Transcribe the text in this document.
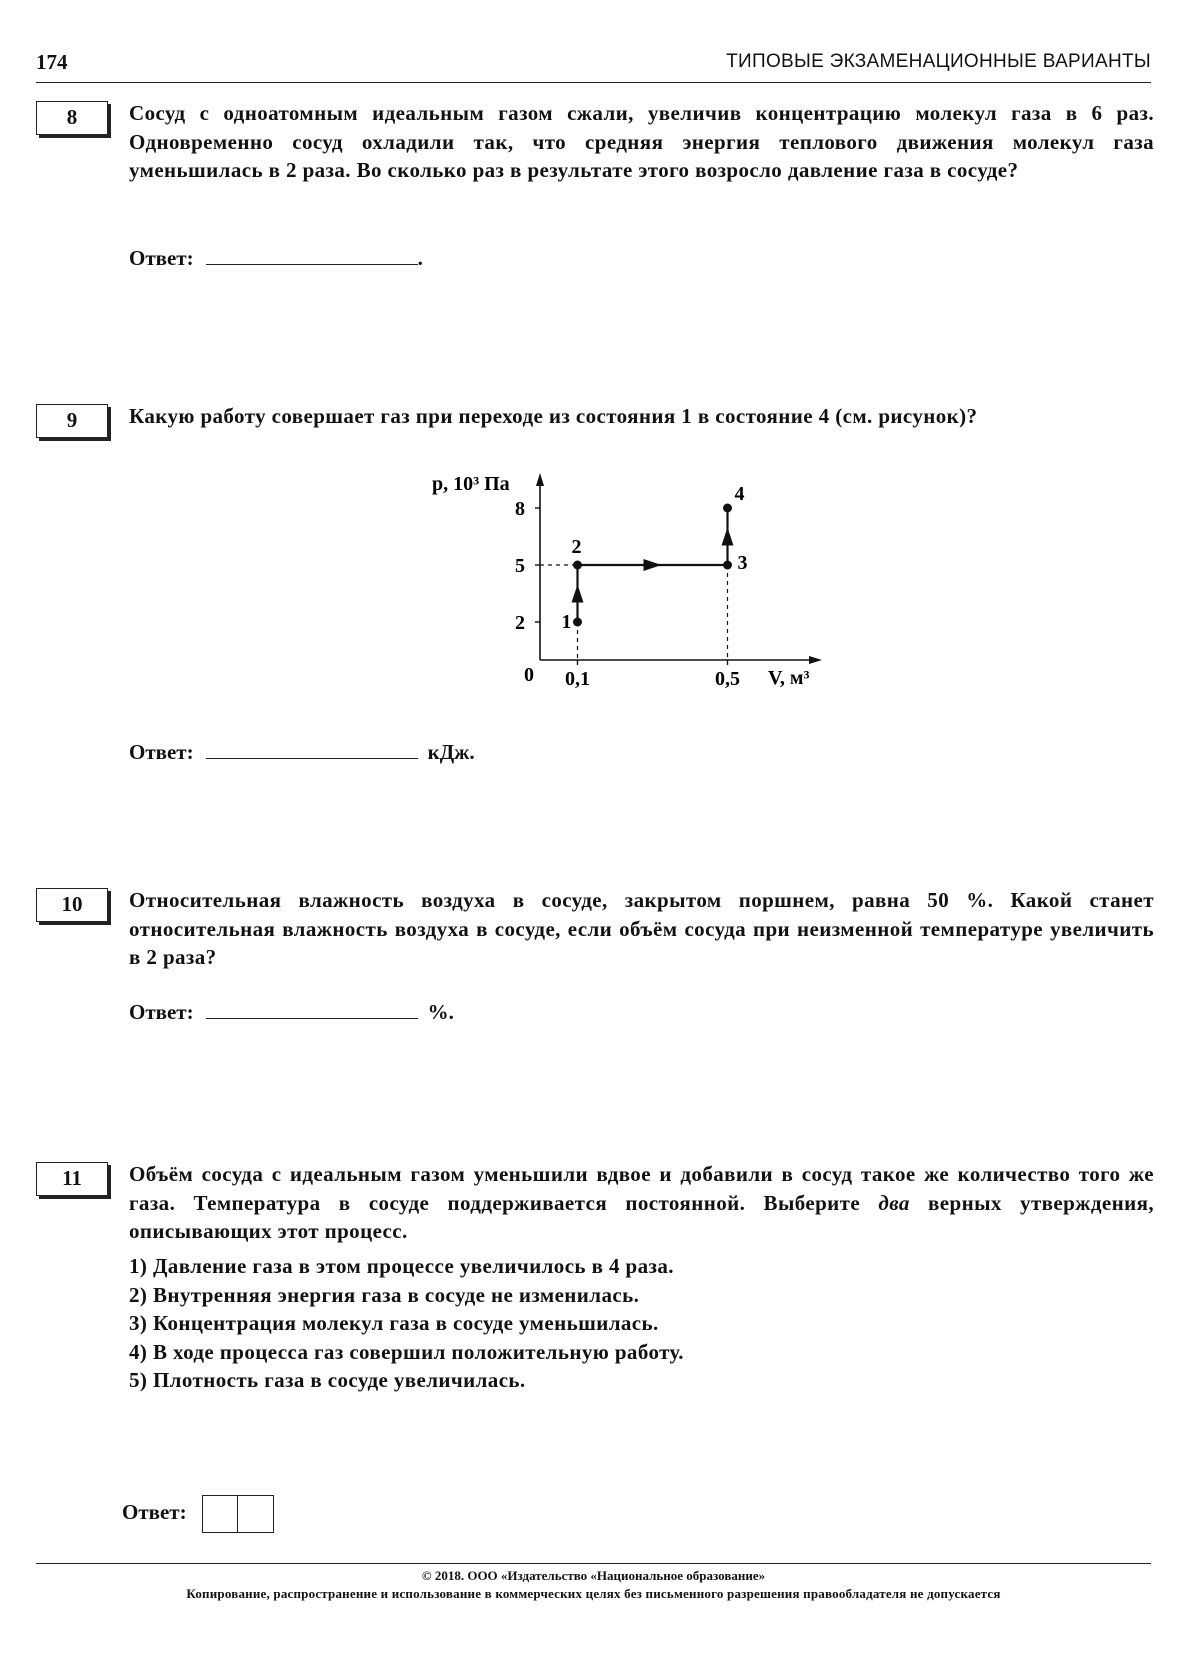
174	ТИПОВЫЕ ЭКЗАМЕНАЦИОННЫЕ ВАРИАНТЫ
8	Сосуд с одноатомным идеальным газом сжали, увеличив концентрацию молекул газа в 6 раз. Одновременно сосуд охладили так, что средняя энергия теплового движения молекул газа уменьшилась в 2 раза. Во сколько раз в результате этого возросло давление газа в сосуде?
Ответ:	.
9	Какую работу совершает газ при переходе из состояния 1 в состояние 4 (см. рисунок)?
p, 10³ Па
V, м³
0
1
2
3
4
2
5
8
0,1	0,5
Ответ:	кДж.
10	Относительная влажность воздуха в сосуде, закрытом поршнем, равна 50 %. Какой станет относительная влажность воздуха в сосуде, если объём сосуда при неизменной температуре увеличить в 2 раза?
Ответ:	%.
11	Объём сосуда с идеальным газом уменьшили вдвое и добавили в сосуд такое же количество того же газа. Температура в сосуде поддерживается постоянной. Выберите два верных утверждения, описывающих этот процесс.
1) Давление газа в этом процессе увеличилось в 4 раза.
2) Внутренняя энергия газа в сосуде не изменилась.
3) Концентрация молекул газа в сосуде уменьшилась.
4) В ходе процесса газ совершил положительную работу.
5) Плотность газа в сосуде увеличилась.
Ответ:
© 2018. ООО «Издательство «Национальное образование»
Копирование, распространение и использование в коммерческих целях без письменного разрешения правообладателя не допускается
